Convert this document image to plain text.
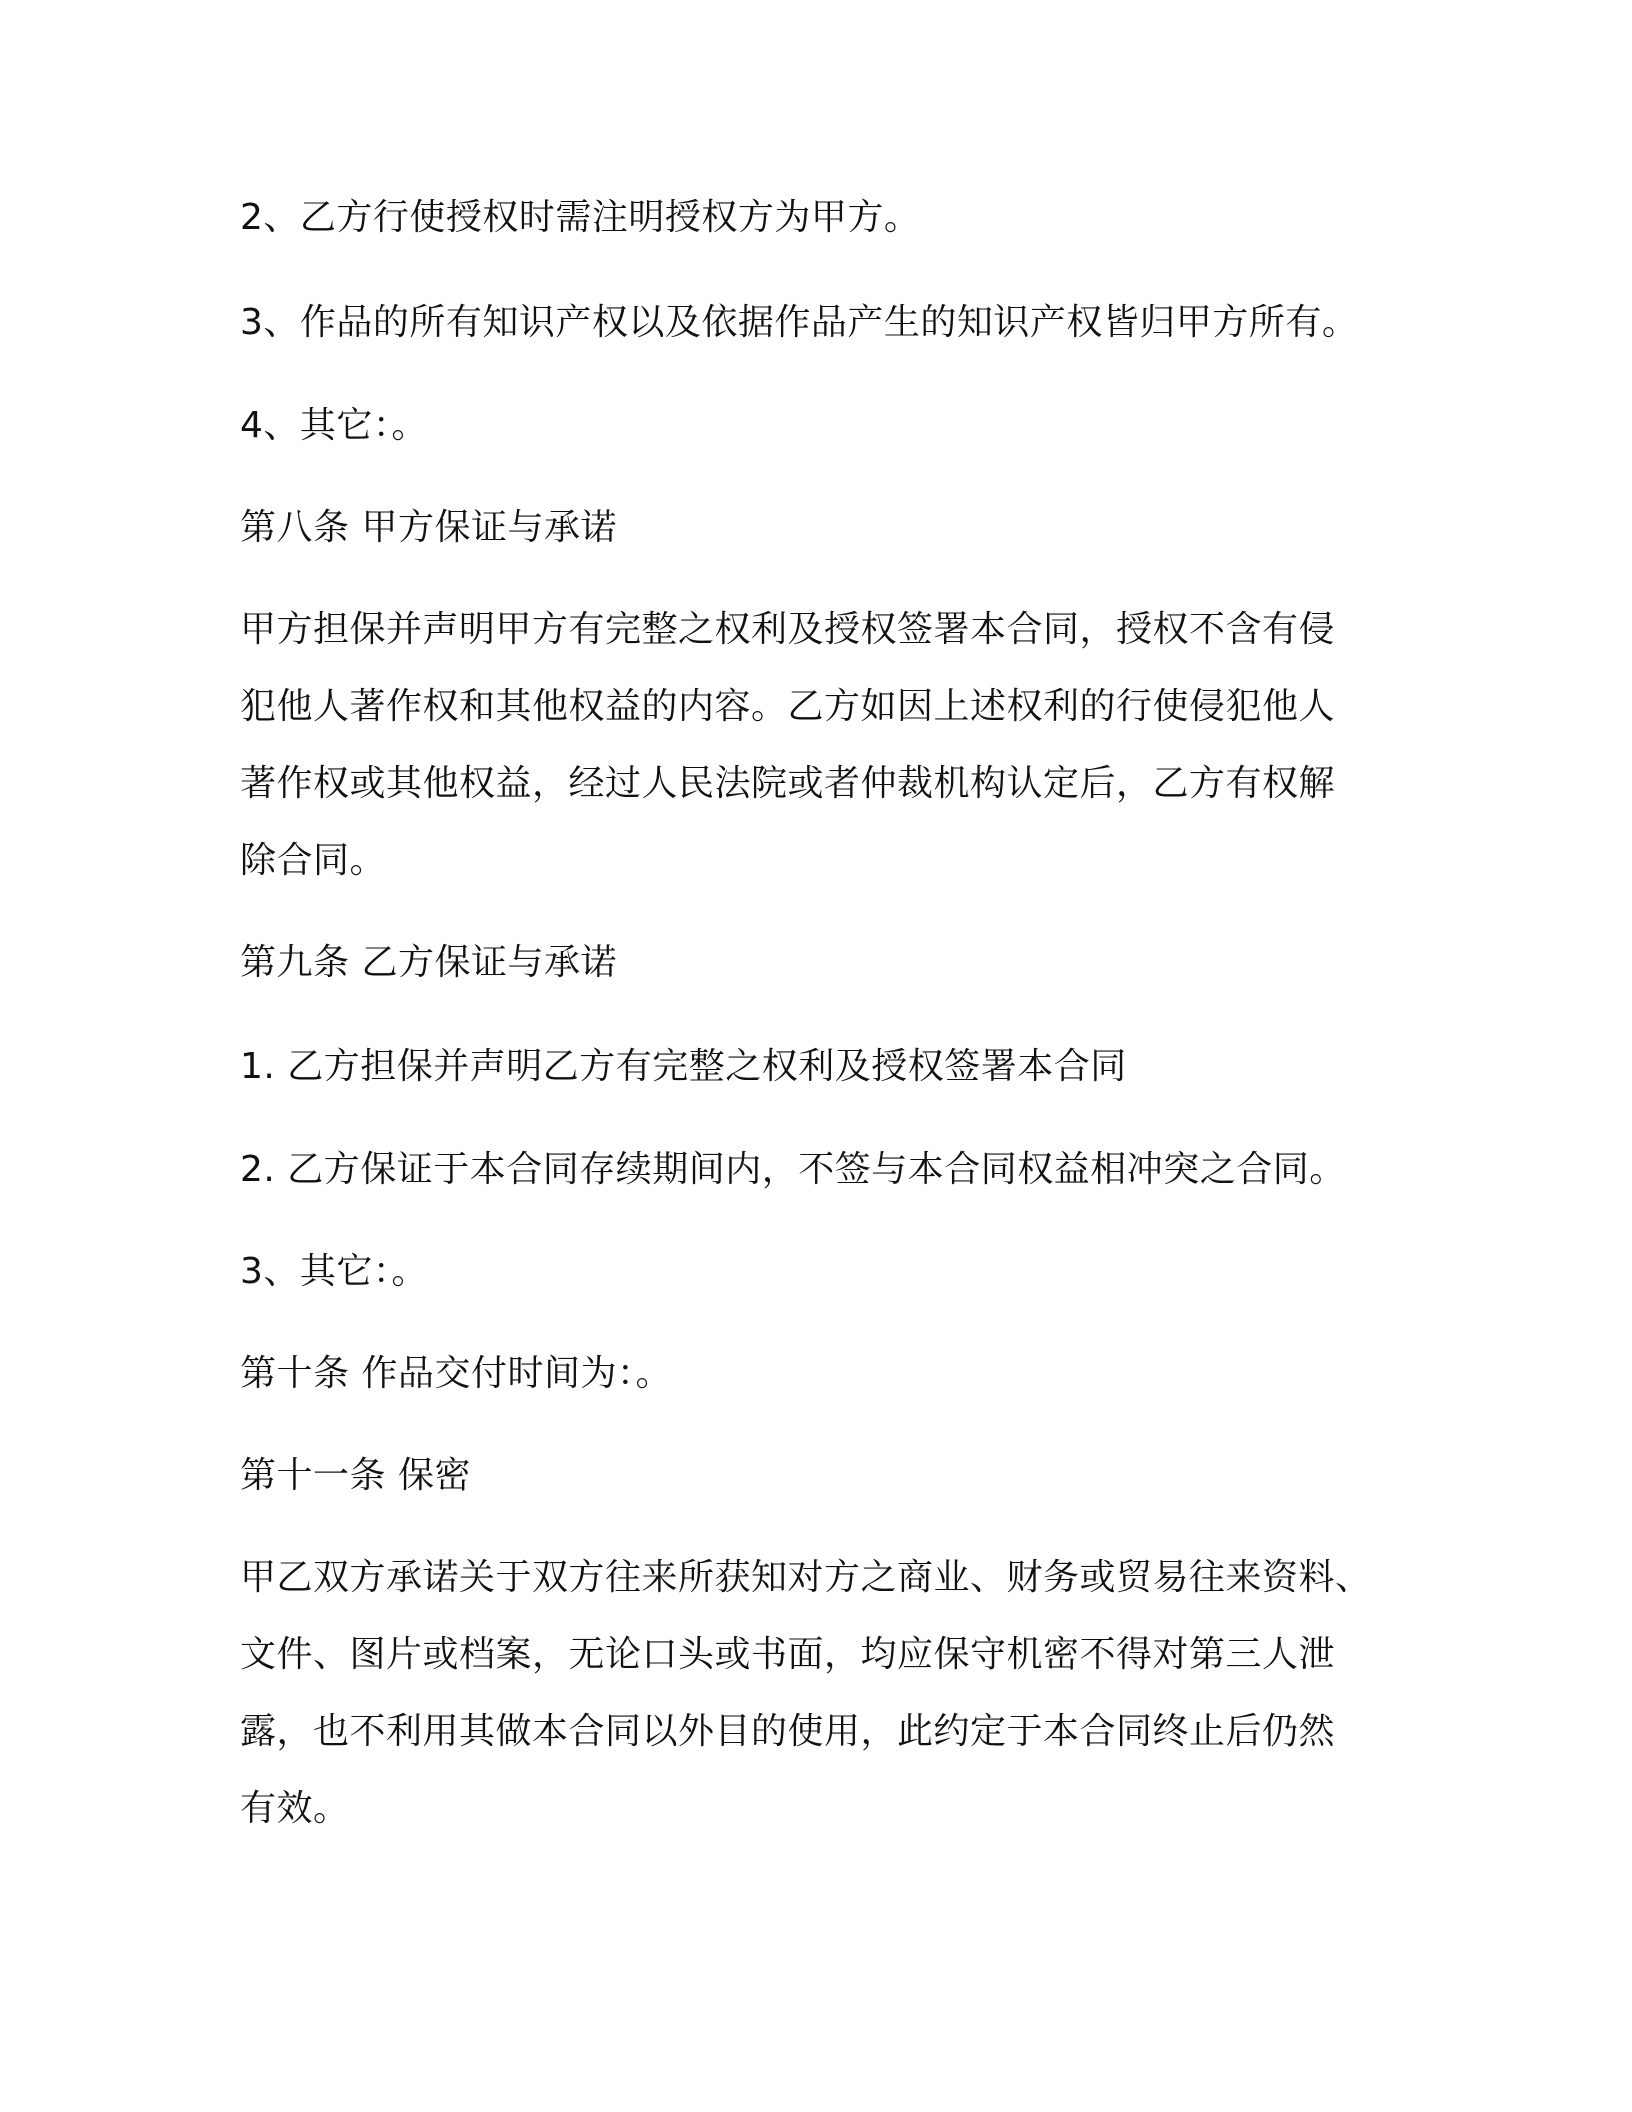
2、乙方行使授权时需注明授权方为甲方。
3、作品的所有知识产权以及依据作品产生的知识产权皆归甲方所有。
4、其它：。
第八条 甲方保证与承诺
甲方担保并声明甲方有完整之权利及授权签署本合同，授权不含有侵
犯他人著作权和其他权益的内容。乙方如因上述权利的行使侵犯他人
著作权或其他权益，经过人民法院或者仲裁机构认定后，乙方有权解
除合同。
第九条 乙方保证与承诺
1. 乙方担保并声明乙方有完整之权利及授权签署本合同
2. 乙方保证于本合同存续期间内，不签与本合同权益相冲突之合同。
3、其它：。
第十条 作品交付时间为：。
第十一条 保密
甲乙双方承诺关于双方往来所获知对方之商业、财务或贸易往来资料、
文件、图片或档案，无论口头或书面，均应保守机密不得对第三人泄
露，也不利用其做本合同以外目的使用，此约定于本合同终止后仍然
有效。
